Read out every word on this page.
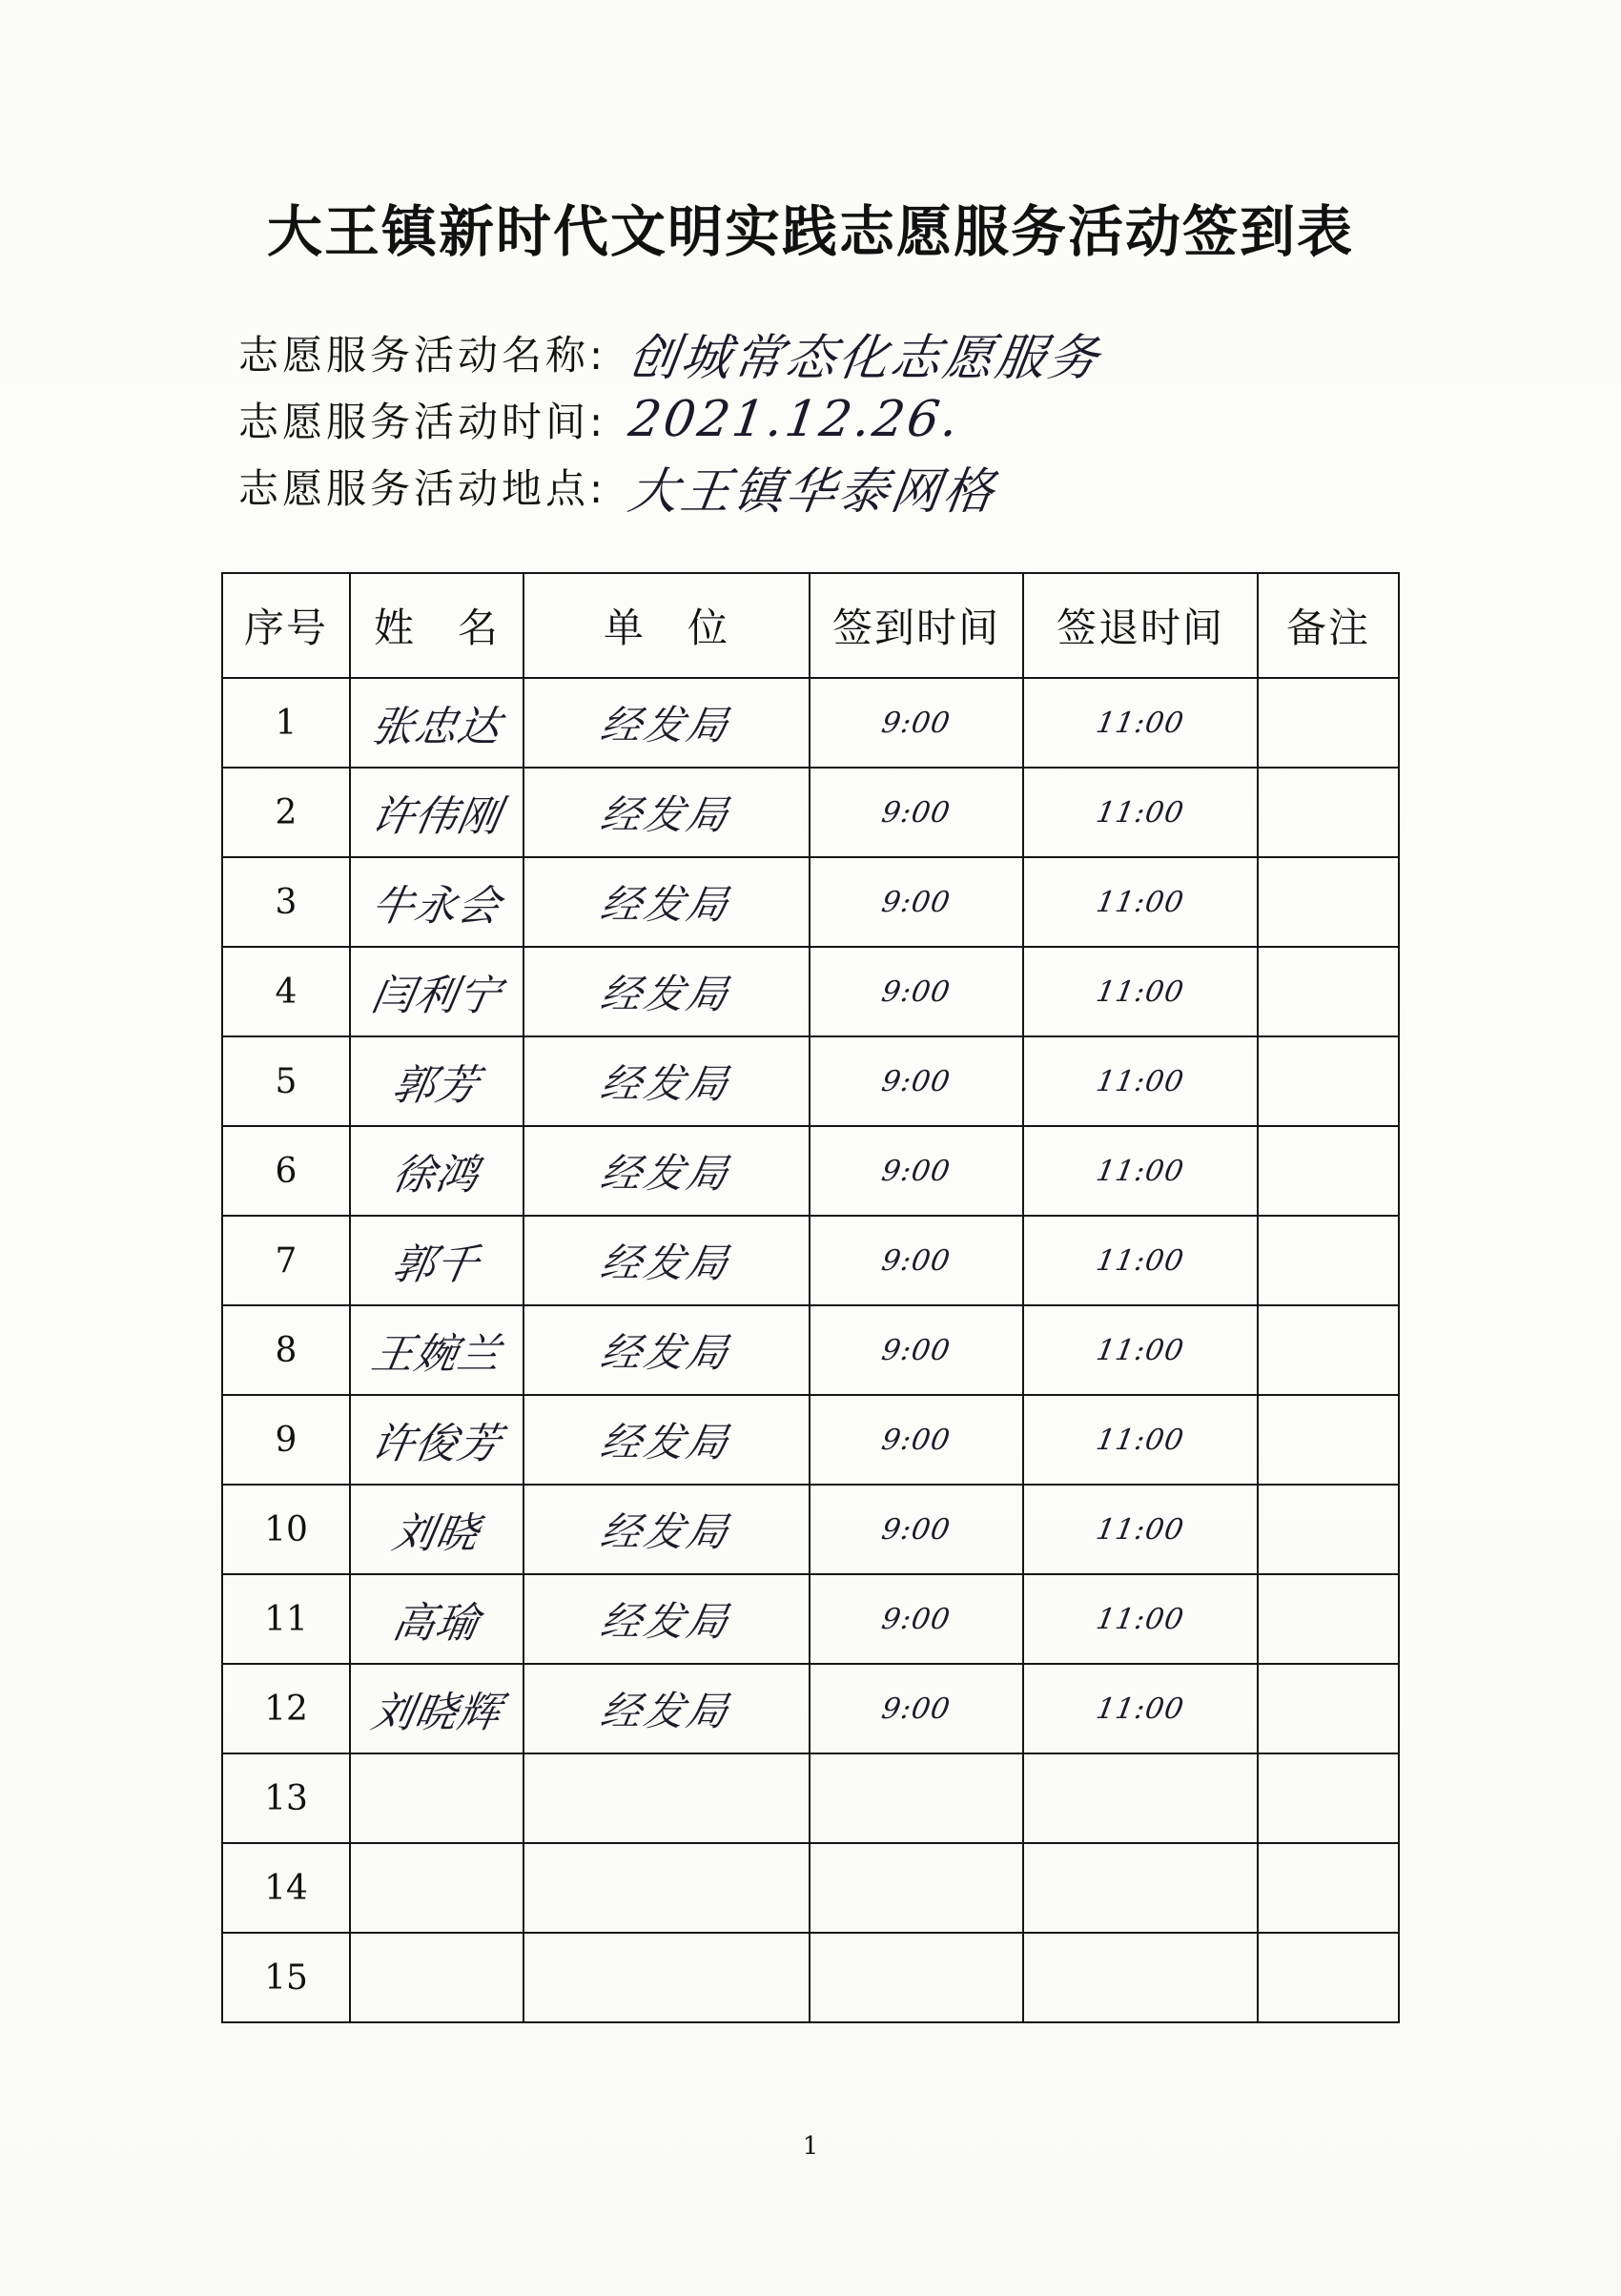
大王镇新时代文明实践志愿服务活动签到表
志愿服务活动名称: 创城常态化志愿服务
志愿服务活动时间: 2021.12.26.
志愿服务活动地点: 大王镇华泰网格
序号	姓　名	单　位	签到时间	签退时间	备注
1	张忠达	经发局	9:00	11:00	
2	许伟刚	经发局	9:00	11:00	
3	牛永会	经发局	9:00	11:00	
4	闫利宁	经发局	9:00	11:00	
5	郭芳	经发局	9:00	11:00	
6	徐鸿	经发局	9:00	11:00	
7	郭千	经发局	9:00	11:00	
8	王婉兰	经发局	9:00	11:00	
9	许俊芳	经发局	9:00	11:00	
10	刘晓	经发局	9:00	11:00	
11	高瑜	经发局	9:00	11:00	
12	刘晓辉	经发局	9:00	11:00	
13					
14					
15					
1
